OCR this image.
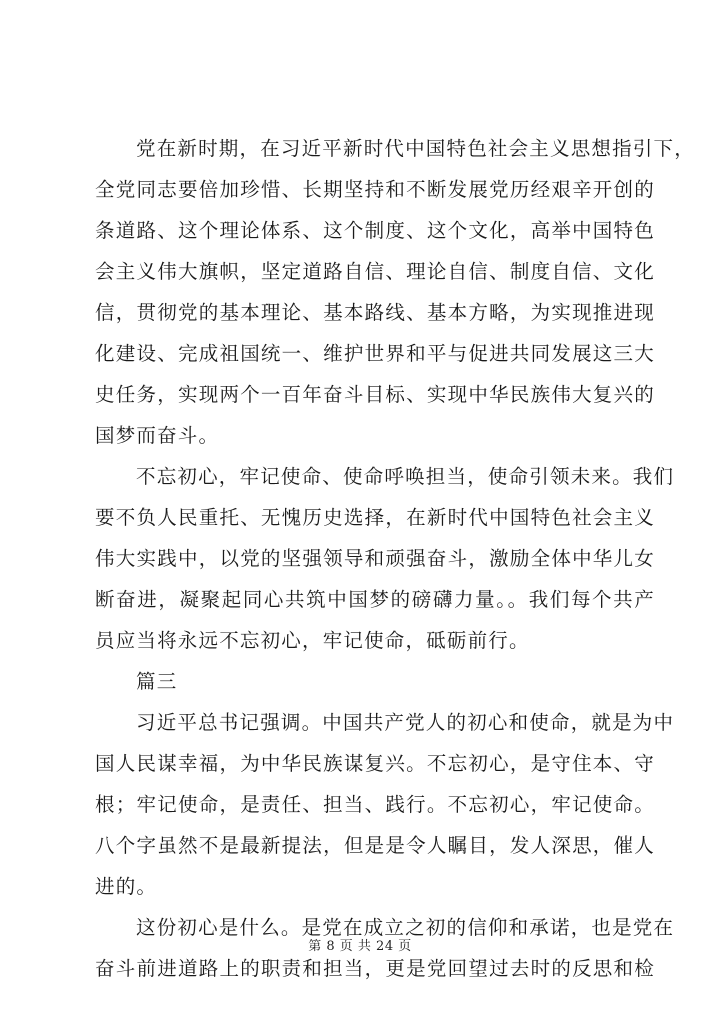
党在新时期，在习近平新时代中国特色社会主义思想指引下，
全党同志要倍加珍惜、长期坚持和不断发展党历经艰辛开创的
条道路、这个理论体系、这个制度、这个文化，高举中国特色
会主义伟大旗帜，坚定道路自信、理论自信、制度自信、文化
信，贯彻党的基本理论、基本路线、基本方略，为实现推进现
化建设、完成祖国统一、维护世界和平与促进共同发展这三大
史任务，实现两个一百年奋斗目标、实现中华民族伟大复兴的
国梦而奋斗。
不忘初心，牢记使命、使命呼唤担当，使命引领未来。我们
要不负人民重托、无愧历史选择，在新时代中国特色社会主义
伟大实践中，以党的坚强领导和顽强奋斗，激励全体中华儿女
断奋进，凝聚起同心共筑中国梦的磅礴力量。。我们每个共产
员应当将永远不忘初心，牢记使命，砥砺前行。
篇三
习近平总书记强调。中国共产党人的初心和使命，就是为中
国人民谋幸福，为中华民族谋复兴。不忘初心，是守住本、守
根；牢记使命，是责任、担当、践行。不忘初心，牢记使命。
八个字虽然不是最新提法，但是是令人瞩目，发人深思，催人
进的。
这份初心是什么。是党在成立之初的信仰和承诺，也是党在
奋斗前进道路上的职责和担当，更是党回望过去时的反思和检
第 8 页 共 24 页
